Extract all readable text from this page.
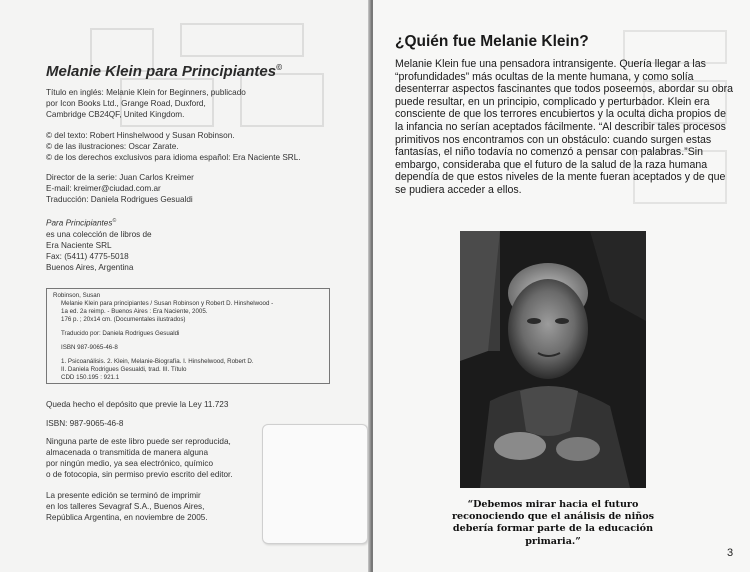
Melanie Klein para Principiantes©
Título en inglés: Melanie Klein for Beginners, publicado
por Icon Books Ltd., Grange Road, Duxford,
Cambridge CB24QF, United Kingdom.
© del texto: Robert Hinshelwood y Susan Robinson.
© de las ilustraciones: Oscar Zarate.
© de los derechos exclusivos para idioma español: Era Naciente SRL.
Director de la serie: Juan Carlos Kreimer
E-mail: kreimer@ciudad.com.ar
Traducción: Daniela Rodrigues Gesualdi
Para Principiantes©
es una colección de libros de
Era Naciente SRL
Fax: (5411) 4775-5018
Buenos Aires, Argentina
Robinson, Susan
Melanie Klein para principiantes / Susan Robinson y Robert D. Hinshelwood -
1a ed. 2a reimp. - Buenos Aires : Era Naciente, 2005.
176 p. ; 20x14 cm. (Documentales ilustrados)
Traducido por: Daniela Rodrigues Gesualdi
ISBN 987-9065-46-8
1. Psicoanálisis. 2. Klein, Melanie-Biografía. I. Hinshelwood, Robert D.
II. Daniela Rodrigues Gesualdi, trad. III. Título
CDD 150.195 : 921.1
Queda hecho el depósito que previe la Ley 11.723
ISBN: 987-9065-46-8
Ninguna parte de este libro puede ser reproducida,
almacenada o transmitida de manera alguna
por ningún medio, ya sea electrónico, químico
o de fotocopia, sin permiso previo escrito del editor.
La presente edición se terminó de imprimir
en los talleres Sevagraf S.A., Buenos Aires,
República Argentina, en noviembre de 2005.
¿Quién fue Melanie Klein?

Melanie Klein fue una pensadora intransigente. Quería llegar a las “profundidades” más ocultas de la mente humana, y como solía desenterrar aspectos fascinantes que todos poseemos, abordar su obra puede resultar, en un principio, complicado y perturbador. Klein era consciente de que los terrores encubiertos y la oculta dicha propios de la infancia no serían aceptados fácilmente. “Al describir tales procesos primitivos nos encontramos con un obstáculo: cuando surgen estas fantasías, el niño todavía no comenzó a pensar con palabras.”Sin embargo, consideraba que el futuro de la salud de la raza humana dependía de que estos niveles de la mente fueran aceptados y de que se pudiera acceder a ellos.

“Debemos mirar hacia el futuro reconociendo que el análisis de niños debería formar parte de la educación primaria.”
3
